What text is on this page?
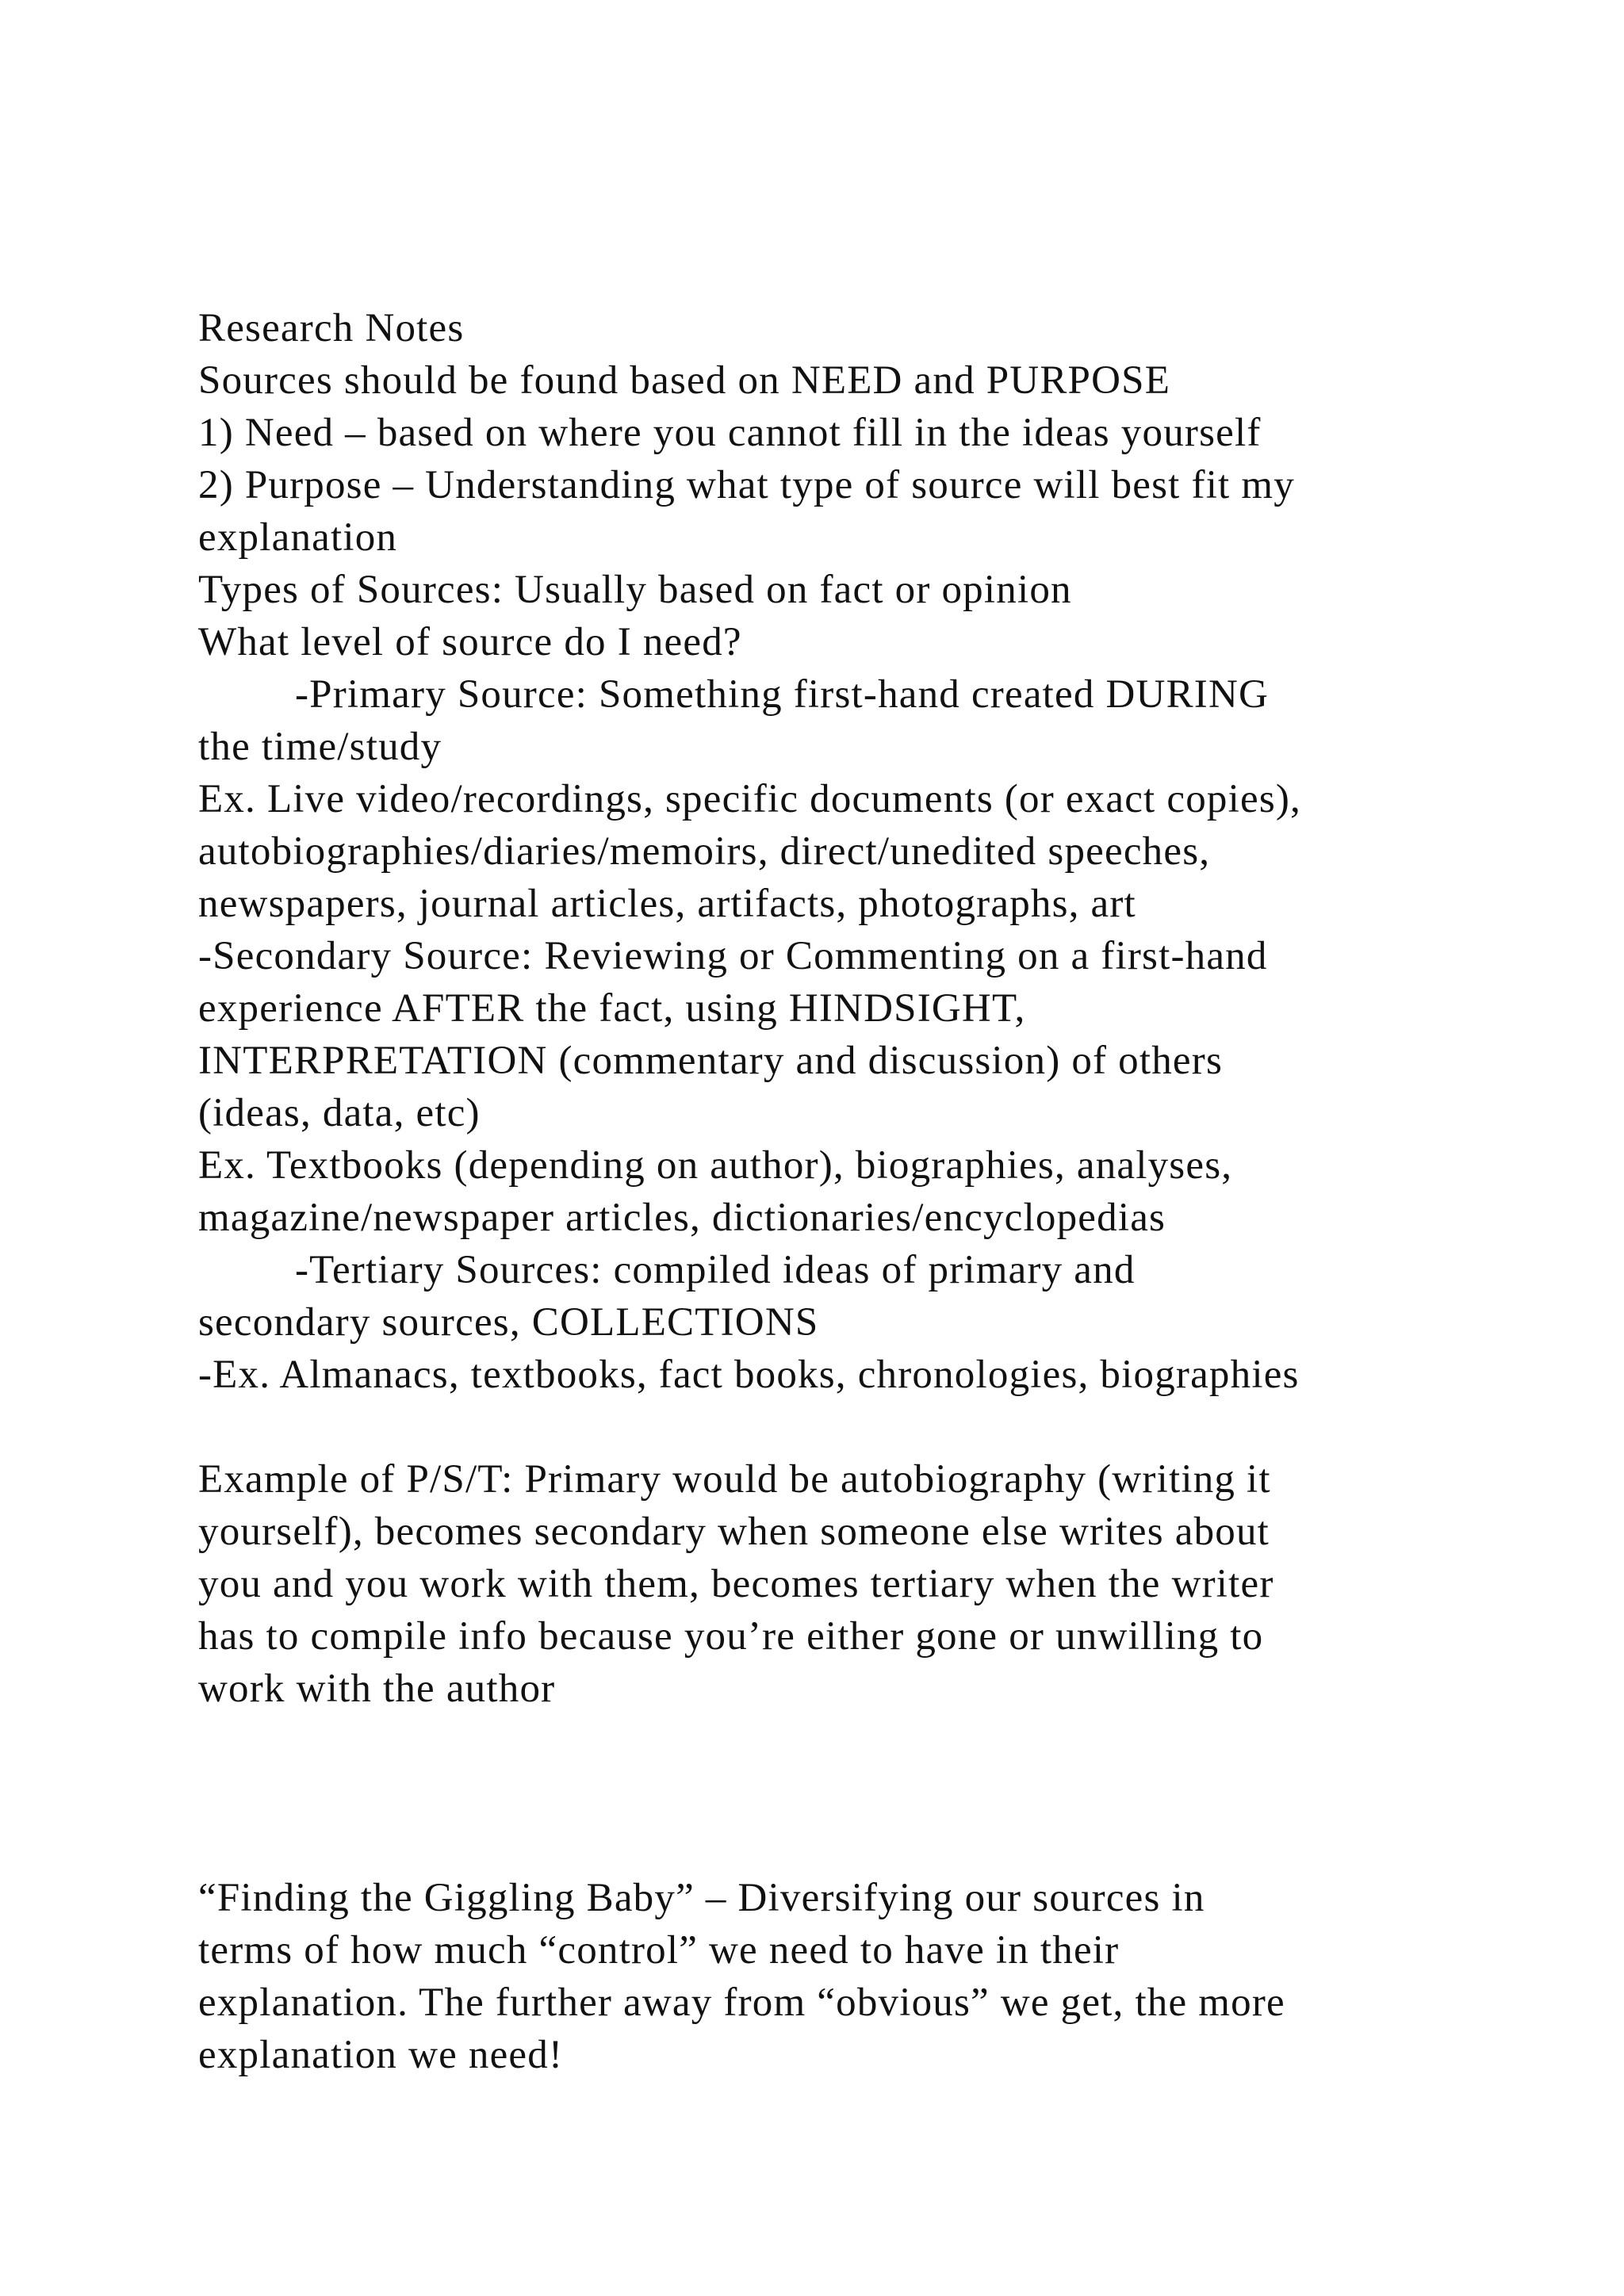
Research Notes
Sources should be found based on NEED and PURPOSE
1) Need – based on where you cannot fill in the ideas yourself
2) Purpose – Understanding what type of source will best fit my
explanation
Types of Sources: Usually based on fact or opinion
What level of source do I need?
-Primary Source: Something first-hand created DURING
the time/study
Ex. Live video/recordings, specific documents (or exact copies),
autobiographies/diaries/memoirs, direct/unedited speeches,
newspapers, journal articles, artifacts, photographs, art
-Secondary Source: Reviewing or Commenting on a first-hand
experience AFTER the fact, using HINDSIGHT,
INTERPRETATION (commentary and discussion) of others
(ideas, data, etc)
Ex. Textbooks (depending on author), biographies, analyses,
magazine/newspaper articles, dictionaries/encyclopedias
-Tertiary Sources: compiled ideas of primary and
secondary sources, COLLECTIONS
-Ex. Almanacs, textbooks, fact books, chronologies, biographies
Example of P/S/T: Primary would be autobiography (writing it
yourself), becomes secondary when someone else writes about
you and you work with them, becomes tertiary when the writer
has to compile info because you’re either gone or unwilling to
work with the author
“Finding the Giggling Baby” – Diversifying our sources in
terms of how much “control” we need to have in their
explanation. The further away from “obvious” we get, the more
explanation we need!
